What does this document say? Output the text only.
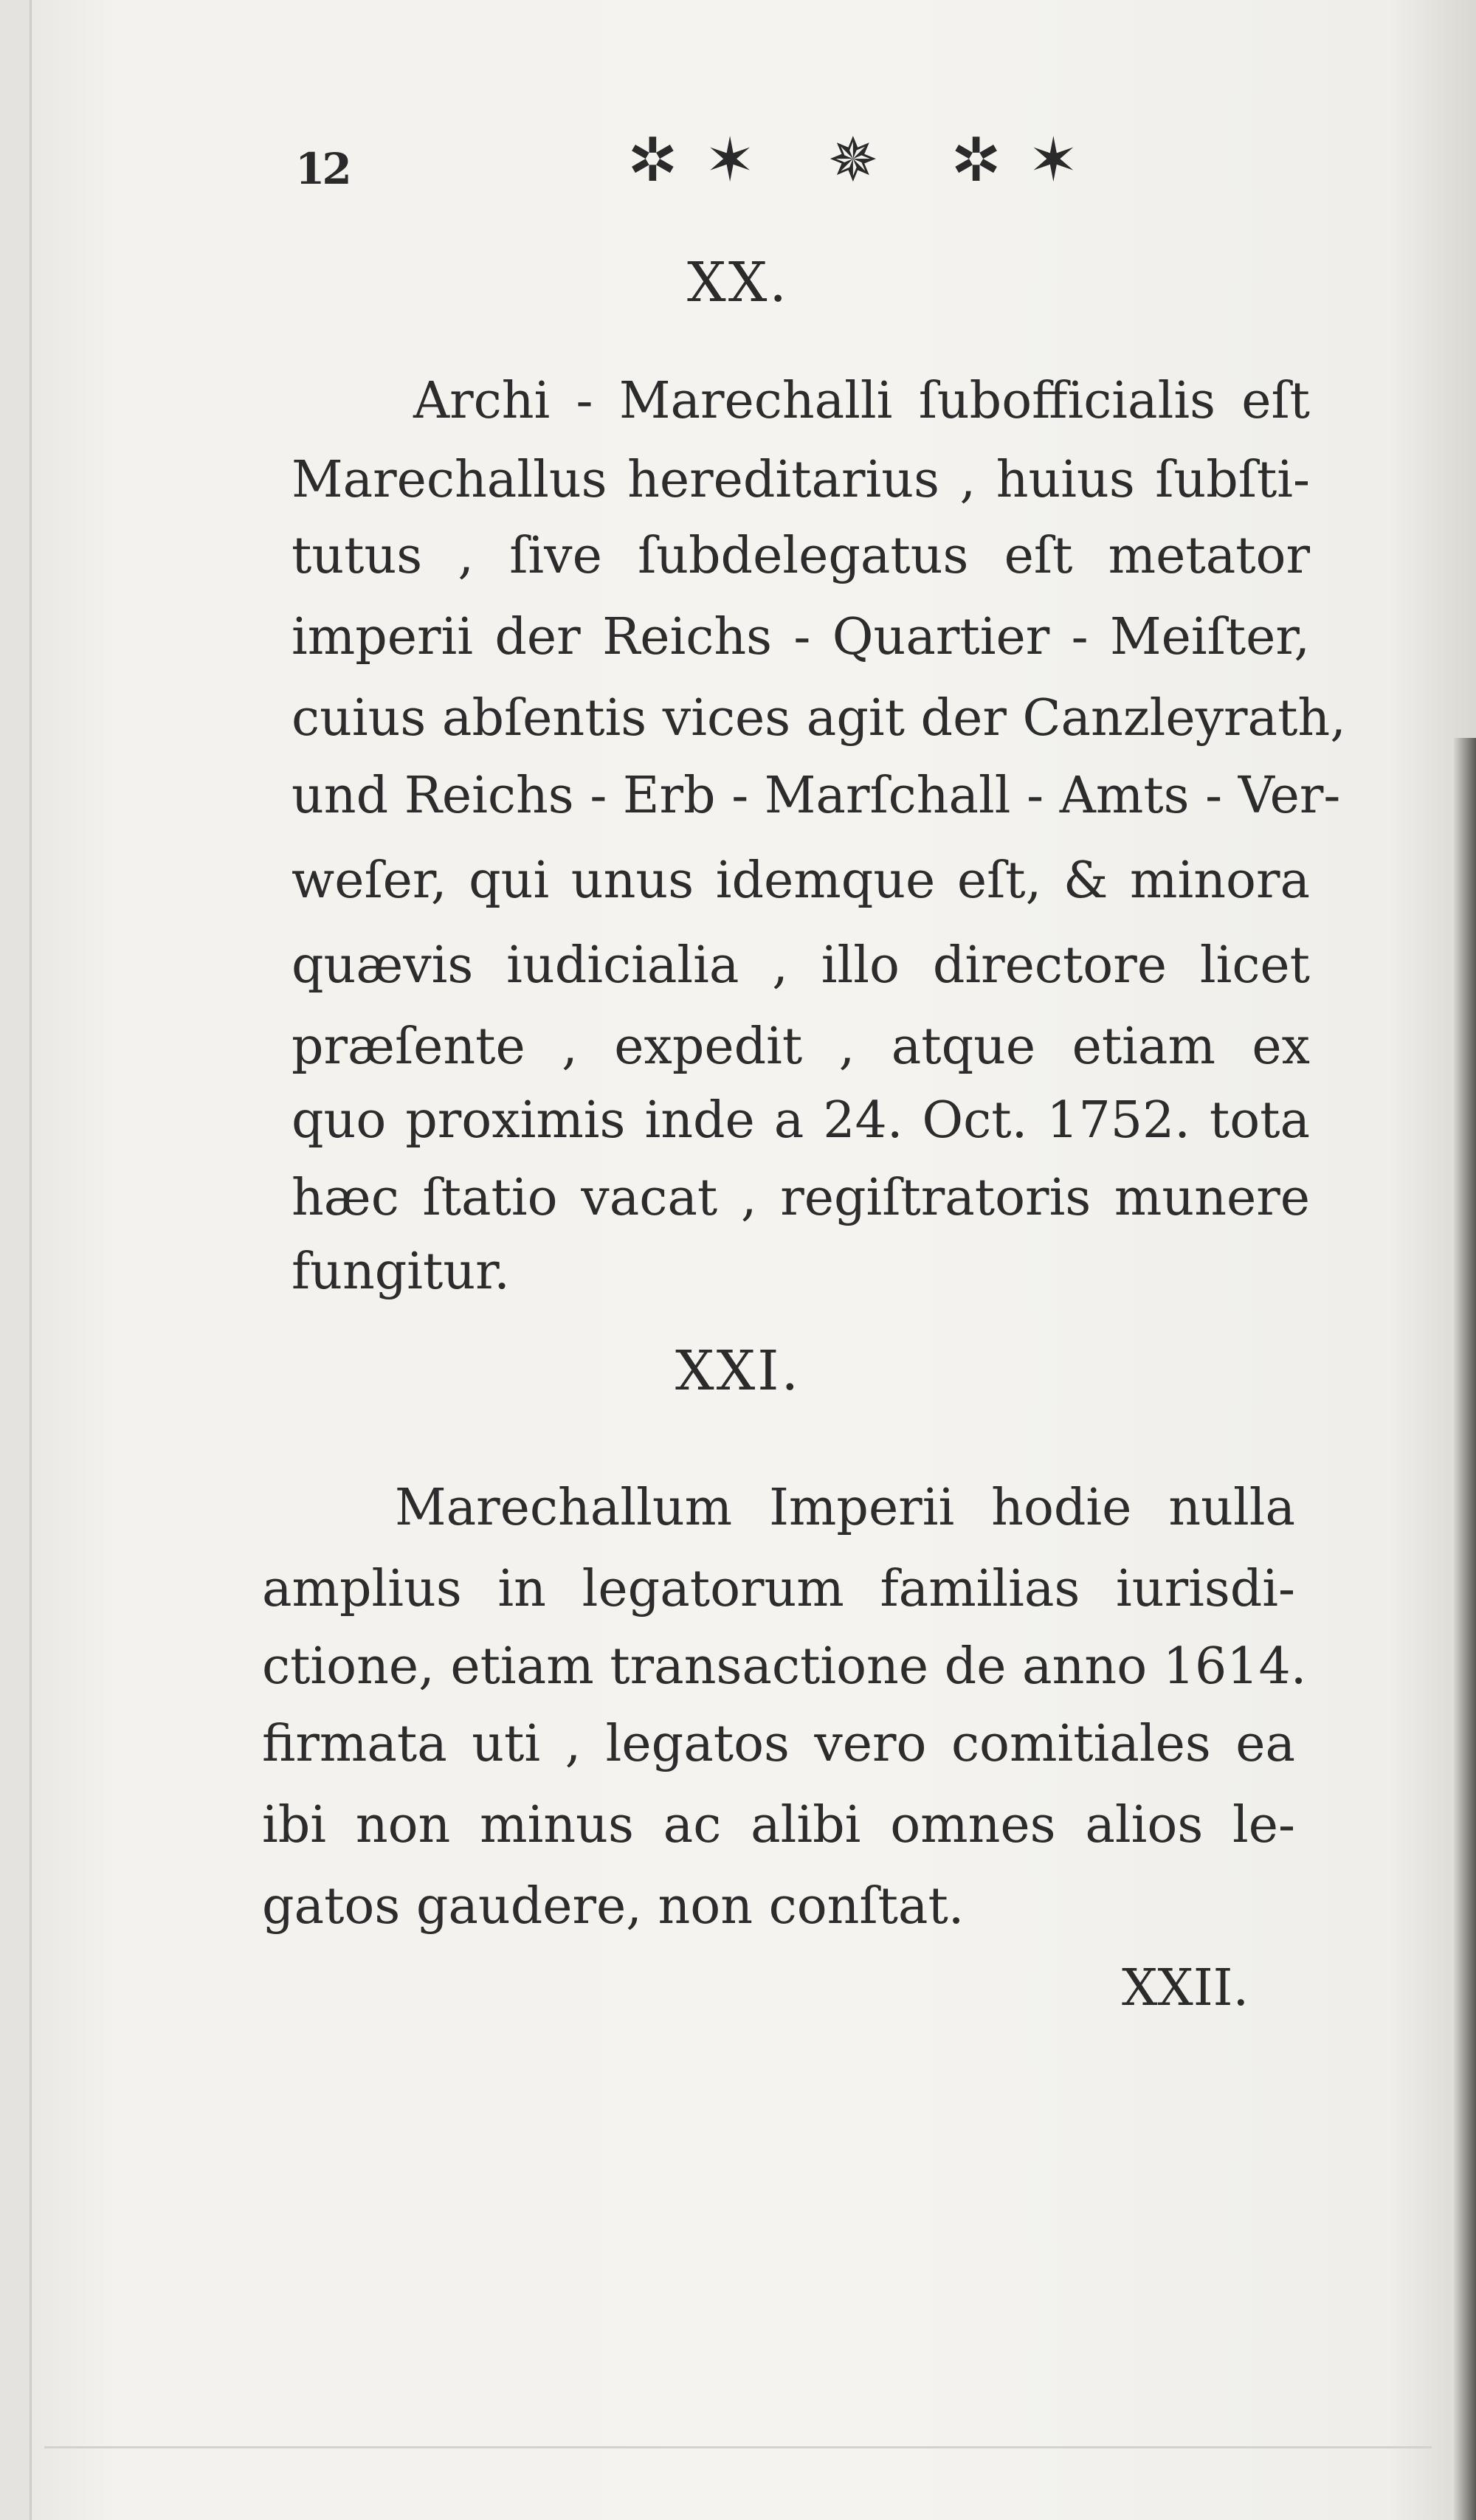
12	✲✶ ✵ ✲✶
XX.
Archi - Marechalli ſubofficialis eſt
Marechallus hereditarius , huius ſubſti-
tutus , ſive ſubdelegatus eſt metator
imperii der Reichs - Quartier - Meiſter,
cuius abſentis vices agit der Canzleyrath,
und Reichs - Erb - Marſchall - Amts - Ver-
weſer, qui unus idemque eſt, & minora
quævis iudicialia , illo directore licet
præſente , expedit , atque etiam ex
quo proximis inde a 24. Oct. 1752. tota
hæc ſtatio vacat , regiſtratoris munere
fungitur.
XXI.
Marechallum Imperii hodie nulla
amplius in legatorum familias iurisdi-
ctione, etiam transactione de anno 1614.
firmata uti , legatos vero comitiales ea
ibi non minus ac alibi omnes alios le-
gatos gaudere, non conſtat.
XXII.
